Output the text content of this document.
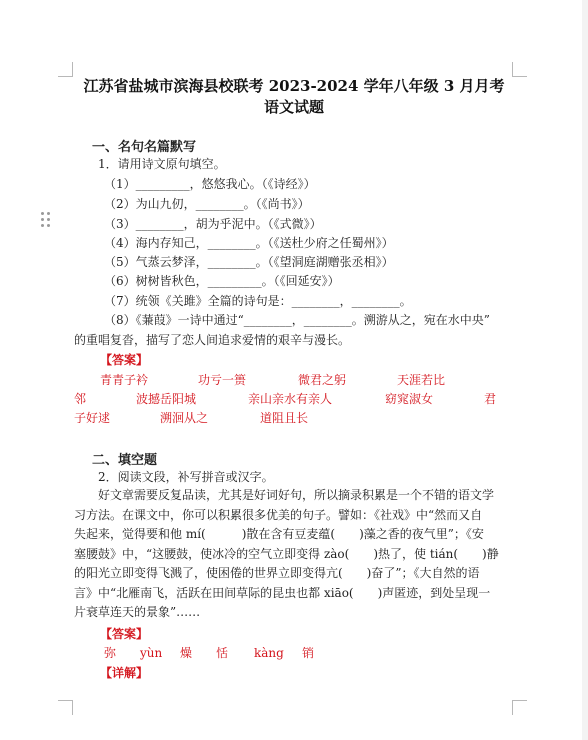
江苏省盐城市滨海县校联考 2023-2024 学年八年级 3 月月考
语文试题
一、名句名篇默写
1．请用诗文原句填空。
（1）_________，悠悠我心。（《诗经》）
（2）为山九仞，________。（《尚书》）
（3）________，胡为乎泥中。（《式微》）
（4）海内存知己，________。（《送杜少府之任蜀州》）
（5）气蒸云梦泽，________。（《望洞庭湖赠张丞相》）
（6）树树皆秋色，_________。（《回延安》）
（7）统领《关雎》全篇的诗句是：________，________。
（8）《蒹葭》一诗中通过“________，________。溯游从之，宛在水中央”
的重唱复沓，描写了恋人间追求爱情的艰辛与漫长。
【答案】
青青子衿	功亏一篑	微君之躬	天涯若比
邻	波撼岳阳城	亲山亲水有亲人	窈窕淑女	君
子好逑	溯洄从之	道阻且长
二、填空题
2．阅读文段，补写拼音或汉字。
好文章需要反复品读，尤其是好词好句，所以摘录积累是一个不错的语文学
习方法。在课文中，你可以积累很多优美的句子。譬如：《社戏》中“然而又自
失起来，觉得要和他 mí(　　　)散在含有豆麦蕴(　　)藻之香的夜气里”；《安
塞腰鼓》中，“这腰鼓，使冰冷的空气立即变得 zào(　　)热了，使 tián(　　)静
的阳光立即变得飞溅了，使困倦的世界立即变得亢(　　)奋了”；《大自然的语
言》中“北雁南飞，活跃在田间草际的昆虫也都 xiāo(　　)声匿迹，到处呈现一
片衰草连天的景象”……
【答案】
弥 yùn 燥 恬 kàng 销
【详解】
